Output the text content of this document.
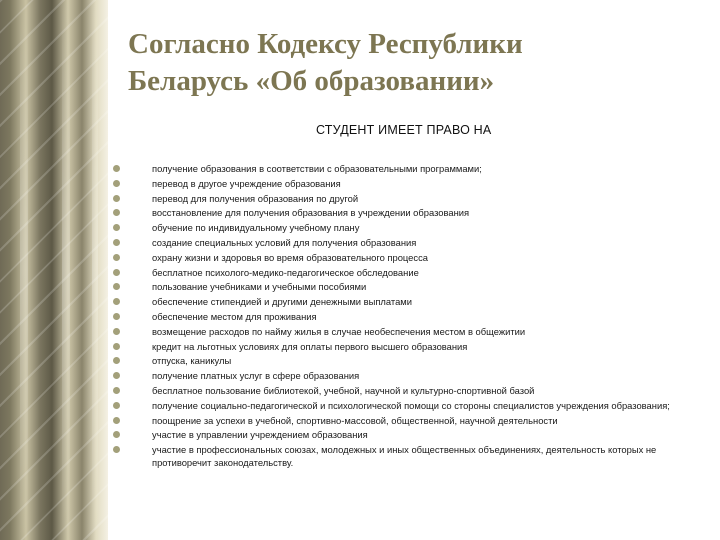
Согласно Кодексу Республики
Беларусь «Об образовании»
СТУДЕНТ ИМЕЕТ ПРАВО НА
получение образования в соответствии с образовательными программами;
перевод в другое учреждение образования
перевод для получения образования по другой
восстановление для получения образования в учреждении образования
обучение по индивидуальному учебному плану
создание специальных условий для получения образования
охрану жизни и здоровья во время образовательного процесса
бесплатное психолого-медико-педагогическое обследование
пользование учебниками и учебными пособиями
обеспечение стипендией и другими денежными выплатами
обеспечение местом для проживания
возмещение расходов по найму жилья в случае необеспечения местом в общежитии
кредит на льготных условиях для оплаты первого высшего образования
отпуска, каникулы
получение платных услуг в сфере образования
бесплатное пользование библиотекой, учебной, научной и культурно-спортивной базой
получение социально-педагогической и психологической помощи со стороны специалистов учреждения образования;
поощрение за успехи в учебной, спортивно-массовой, общественной, научной деятельности
участие в управлении учреждением образования
участие в профессиональных союзах, молодежных и иных общественных объединениях, деятельность которых не противоречит законодательству.
